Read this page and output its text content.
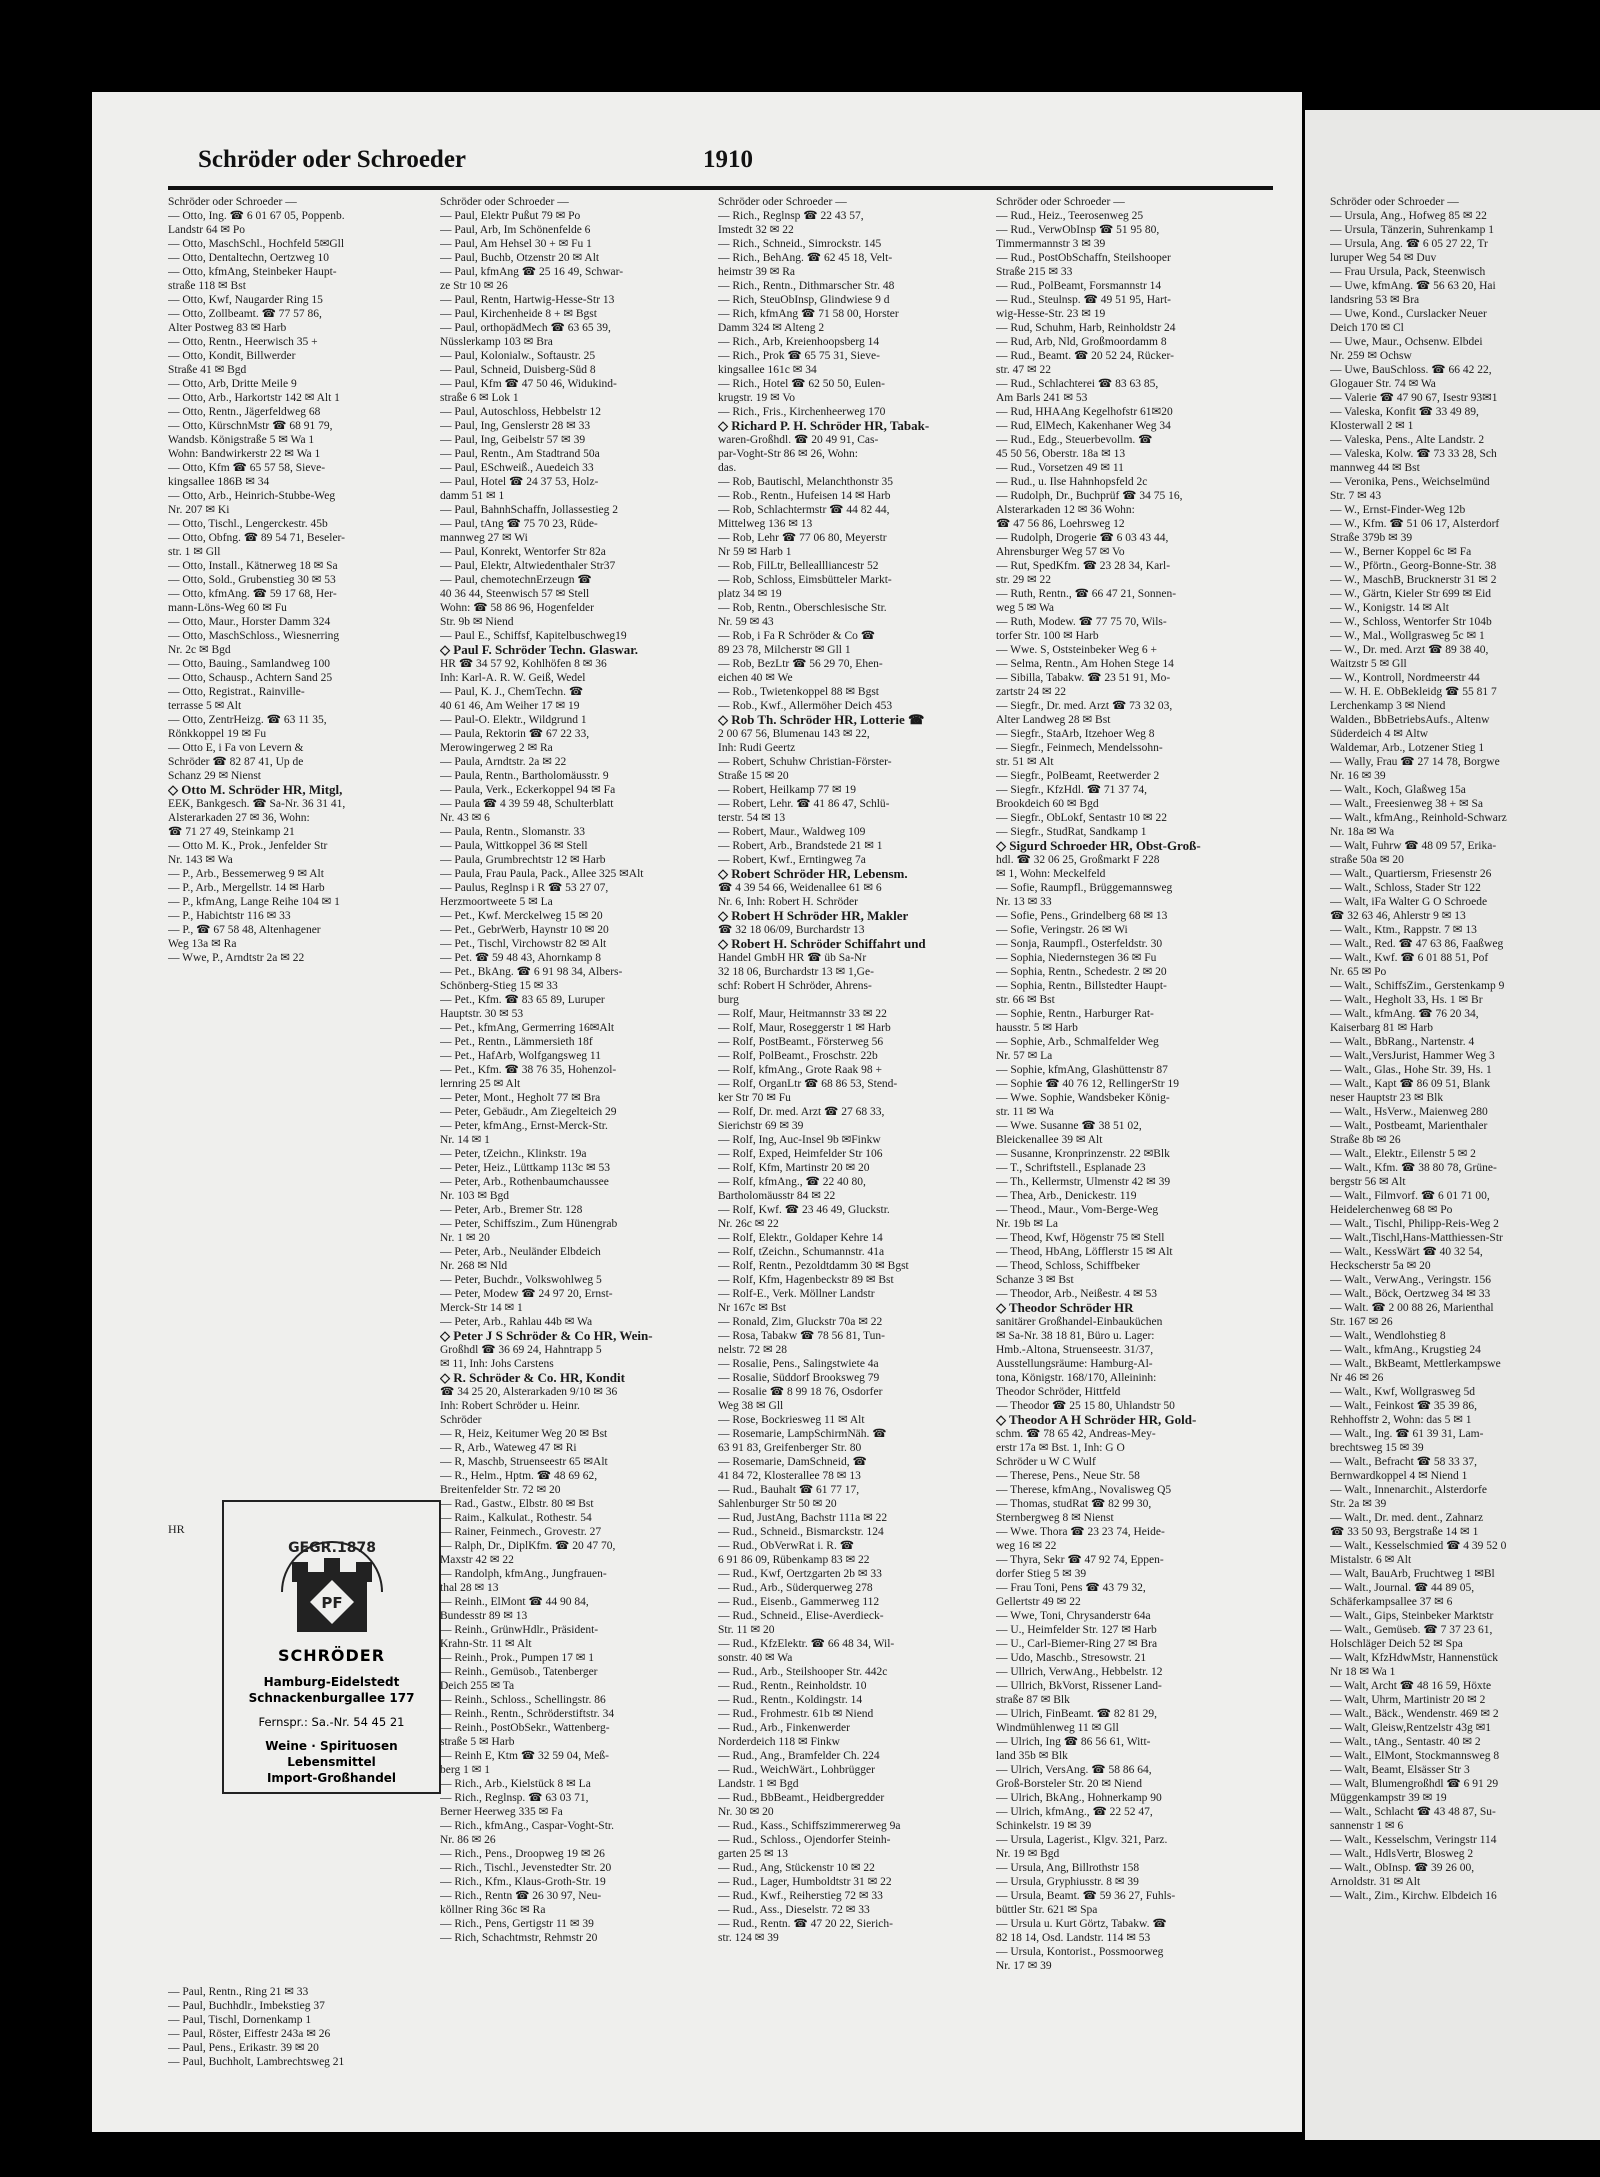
Schröder oder Schroeder	1910
Schröder oder Schroeder —
— Otto, Ing. ☎ 6 01 67 05, Poppenb.
Landstr 64 ✉ Po
— Otto, MaschSchl., Hochfeld 5✉Gll
— Otto, Dentaltechn, Oertzweg 10
— Otto, kfmAng, Steinbeker Haupt-
straße 118 ✉ Bst
— Otto, Kwf, Naugarder Ring 15
— Otto, Zollbeamt. ☎ 77 57 86,
Alter Postweg 83 ✉ Harb
— Otto, Rentn., Heerwisch 35 +
— Otto, Kondit, Billwerder
Straße 41 ✉ Bgd
— Otto, Arb, Dritte Meile 9
— Otto, Arb., Harkortstr 142 ✉ Alt 1
— Otto, Rentn., Jägerfeldweg 68
— Otto, KürschnMstr ☎ 68 91 79,
Wandsb. Königstraße 5 ✉ Wa 1
Wohn: Bandwirkerstr 22 ✉ Wa 1
— Otto, Kfm ☎ 65 57 58, Sieve-
kingsallee 186B ✉ 34
— Otto, Arb., Heinrich-Stubbe-Weg
Nr. 207 ✉ Ki
— Otto, Tischl., Lengerckestr. 45b
— Otto, Obfng. ☎ 89 54 71, Beseler-
str. 1 ✉ Gll
— Otto, Install., Kätnerweg 18 ✉ Sa
— Otto, Sold., Grubenstieg 30 ✉ 53
— Otto, kfmAng. ☎ 59 17 68, Her-
mann-Löns-Weg 60 ✉ Fu
— Otto, Maur., Horster Damm 324
— Otto, MaschSchloss., Wiesnerring
Nr. 2c ✉ Bgd
— Otto, Bauing., Samlandweg 100
— Otto, Schausp., Achtern Sand 25
— Otto, Registrat., Rainville-
terrasse 5 ✉ Alt
— Otto, ZentrHeizg. ☎ 63 11 35,
Rönkkoppel 19 ✉ Fu
— Otto E, i Fa von Levern &
Schröder ☎ 82 87 41, Up de
Schanz 29 ✉ Nienst
◇ Otto M. Schröder HR, Mitgl,
EEK, Bankgesch. ☎ Sa-Nr. 36 31 41,
Alsterarkaden 27 ✉ 36, Wohn:
☎ 71 27 49, Steinkamp 21
— Otto M. K., Prok., Jenfelder Str
Nr. 143 ✉ Wa
— P., Arb., Bessemerweg 9 ✉ Alt
— P., Arb., Mergellstr. 14 ✉ Harb
— P., kfmAng, Lange Reihe 104 ✉ 1
— P., Habichtstr 116 ✉ 33
— P., ☎ 67 58 48, Altenhagener
Weg 13a ✉ Ra
— Wwe, P., Arndtstr 2a ✉ 22
HR
GEGR.1878
PF
SCHRÖDER
Hamburg-Eidelstedt
Schnackenburgallee 177
Fernspr.: Sa.-Nr. 54 45 21
Weine · Spirituosen
Lebensmittel
Import-Großhandel
— Paul, Rentn., Ring 21 ✉ 33
— Paul, Buchhdlr., Imbekstieg 37
— Paul, Tischl, Dornenkamp 1
— Paul, Röster, Eiffestr 243a ✉ 26
— Paul, Pens., Erikastr. 39 ✉ 20
— Paul, Buchholt, Lambrechtsweg 21
Schröder oder Schroeder —
— Paul, Elektr Pußut 79 ✉ Po
— Paul, Arb, Im Schönenfelde 6
— Paul, Am Hehsel 30 + ✉ Fu 1
— Paul, Buchb, Otzenstr 20 ✉ Alt
— Paul, kfmAng ☎ 25 16 49, Schwar-
ze Str 10 ✉ 26
— Paul, Rentn, Hartwig-Hesse-Str 13
— Paul, Kirchenheide 8 + ✉ Bgst
— Paul, orthopädMech ☎ 63 65 39,
Nüsslerkamp 103 ✉ Bra
— Paul, Kolonialw., Softaustr. 25
— Paul, Schneid, Duisberg-Süd 8
— Paul, Kfm ☎ 47 50 46, Widukind-
straße 6 ✉ Lok 1
— Paul, Autoschloss, Hebbelstr 12
— Paul, Ing, Genslerstr 28 ✉ 33
— Paul, Ing, Geibelstr 57 ✉ 39
— Paul, Rentn., Am Stadtrand 50a
— Paul, ESchweiß., Auedeich 33
— Paul, Hotel ☎ 24 37 53, Holz-
damm 51 ✉ 1
— Paul, BahnhSchaffn, Jollassestieg 2
— Paul, tAng ☎ 75 70 23, Rüde-
mannweg 27 ✉ Wi
— Paul, Konrekt, Wentorfer Str 82a
— Paul, Elektr, Altwiedenthaler Str37
— Paul, chemotechnErzeugn ☎
40 36 44, Steenwisch 57 ✉ Stell
Wohn: ☎ 58 86 96, Hogenfelder
Str. 9b ✉ Niend
— Paul E., Schiffsf, Kapitelbuschweg19
◇ Paul F. Schröder Techn. Glaswar.
HR ☎ 34 57 92, Kohlhöfen 8 ✉ 36
Inh: Karl-A. R. W. Geiß, Wedel
— Paul, K. J., ChemTechn. ☎
40 61 46, Am Weiher 17 ✉ 19
— Paul-O. Elektr., Wildgrund 1
— Paula, Rektorin ☎ 67 22 33,
Merowingerweg 2 ✉ Ra
— Paula, Arndtstr. 2a ✉ 22
— Paula, Rentn., Bartholomäusstr. 9
— Paula, Verk., Eckerkoppel 94 ✉ Fa
— Paula ☎ 4 39 59 48, Schulterblatt
Nr. 43 ✉ 6
— Paula, Rentn., Slomanstr. 33
— Paula, Wittkoppel 36 ✉ Stell
— Paula, Grumbrechtstr 12 ✉ Harb
— Paula, Frau Paula, Pack., Allee 325 ✉Alt
— Paulus, Reglnsp i R ☎ 53 27 07,
Herzmoortweete 5 ✉ La
— Pet., Kwf. Merckelweg 15 ✉ 20
— Pet., GebrWerb, Haynstr 10 ✉ 20
— Pet., Tischl, Virchowstr 82 ✉ Alt
— Pet. ☎ 59 48 43, Ahornkamp 8
— Pet., BkAng. ☎ 6 91 98 34, Albers-
Schönberg-Stieg 15 ✉ 33
— Pet., Kfm. ☎ 83 65 89, Luruper
Hauptstr. 30 ✉ 53
— Pet., kfmAng, Germerring 16✉Alt
— Pet., Rentn., Lämmersieth 18f
— Pet., HafArb, Wolfgangsweg 11
— Pet., Kfm. ☎ 38 76 35, Hohenzol-
lernring 25 ✉ Alt
— Peter, Mont., Hegholt 77 ✉ Bra
— Peter, Gebäudr., Am Ziegelteich 29
— Peter, kfmAng., Ernst-Merck-Str.
Nr. 14 ✉ 1
— Peter, tZeichn., Klinkstr. 19a
— Peter, Heiz., Lüttkamp 113c ✉ 53
— Peter, Arb., Rothenbaumchaussee
Nr. 103 ✉ Bgd
— Peter, Arb., Bremer Str. 128
— Peter, Schiffszim., Zum Hünengrab
Nr. 1 ✉ 20
— Peter, Arb., Neuländer Elbdeich
Nr. 268 ✉ Nld
— Peter, Buchdr., Volkswohlweg 5
— Peter, Modew ☎ 24 97 20, Ernst-
Merck-Str 14 ✉ 1
— Peter, Arb., Rahlau 44b ✉ Wa
◇ Peter J S Schröder & Co HR, Wein-
Großhdl ☎ 36 69 24, Hahntrapp 5
✉ 11, Inh: Johs Carstens
◇ R. Schröder & Co. HR, Kondit
☎ 34 25 20, Alsterarkaden 9/10 ✉ 36
Inh: Robert Schröder u. Heinr.
Schröder
— R, Heiz, Keitumer Weg 20 ✉ Bst
— R, Arb., Wateweg 47 ✉ Ri
— R, Maschb, Struenseestr 65 ✉Alt
— R., Helm., Hptm. ☎ 48 69 62,
Breitenfelder Str. 72 ✉ 20
— Rad., Gastw., Elbstr. 80 ✉ Bst
— Raim., Kalkulat., Rothestr. 54
— Rainer, Feinmech., Grovestr. 27
— Ralph, Dr., DiplKfm. ☎ 20 47 70,
Maxstr 42 ✉ 22
— Randolph, kfmAng., Jungfrauen-
thal 28 ✉ 13
— Reinh., ElMont ☎ 44 90 84,
Bundesstr 89 ✉ 13
— Reinh., GrünwHdlr., Präsident-
Krahn-Str. 11 ✉ Alt
— Reinh., Prok., Pumpen 17 ✉ 1
— Reinh., Gemüsob., Tatenberger
Deich 255 ✉ Ta
— Reinh., Schloss., Schellingstr. 86
— Reinh., Rentn., Schröderstiftstr. 34
— Reinh., PostObSekr., Wattenberg-
straße 5 ✉ Harb
— Reinh E, Ktm ☎ 32 59 04, Meß-
berg 1 ✉ 1
— Rich., Arb., Kielstück 8 ✉ La
— Rich., Reglnsp. ☎ 63 03 71,
Berner Heerweg 335 ✉ Fa
— Rich., kfmAng., Caspar-Voght-Str.
Nr. 86 ✉ 26
— Rich., Pens., Droopweg 19 ✉ 26
— Rich., Tischl., Jevenstedter Str. 20
— Rich., Kfm., Klaus-Groth-Str. 19
— Rich., Rentn ☎ 26 30 97, Neu-
köllner Ring 36c ✉ Ra
— Rich., Pens, Gertigstr 11 ✉ 39
— Rich, Schachtmstr, Rehmstr 20
Schröder oder Schroeder —
— Rich., Reglnsp ☎ 22 43 57,
Imstedt 32 ✉ 22
— Rich., Schneid., Simrockstr. 145
— Rich., BehAng. ☎ 62 45 18, Velt-
heimstr 39 ✉ Ra
— Rich., Rentn., Dithmarscher Str. 48
— Rich, SteuObInsp, Glindwiese 9 d
— Rich, kfmAng ☎ 71 58 00, Horster
Damm 324 ✉ Alteng 2
— Rich., Arb, Kreienhoopsberg 14
— Rich., Prok ☎ 65 75 31, Sieve-
kingsallee 161c ✉ 34
— Rich., Hotel ☎ 62 50 50, Eulen-
krugstr. 19 ✉ Vo
— Rich., Fris., Kirchenheerweg 170
◇ Richard P. H. Schröder HR, Tabak-
waren-Großhdl. ☎ 20 49 91, Cas-
par-Voght-Str 86 ✉ 26, Wohn:
das.
— Rob, Bautischl, Melanchthonstr 35
— Rob., Rentn., Hufeisen 14 ✉ Harb
— Rob, Schlachtermstr ☎ 44 82 44,
Mittelweg 136 ✉ 13
— Rob, Lehr ☎ 77 06 80, Meyerstr
Nr 59 ✉ Harb 1
— Rob, FilLtr, Belleallliancestr 52
— Rob, Schloss, Eimsbütteler Markt-
platz 34 ✉ 19
— Rob, Rentn., Oberschlesische Str.
Nr. 59 ✉ 43
— Rob, i Fa R Schröder & Co ☎
89 23 78, Milcherstr ✉ Gll 1
— Rob, BezLtr ☎ 56 29 70, Ehen-
eichen 40 ✉ We
— Rob., Twietenkoppel 88 ✉ Bgst
— Rob., Kwf., Allermöher Deich 453
◇ Rob Th. Schröder HR, Lotterie ☎
2 00 67 56, Blumenau 143 ✉ 22,
Inh: Rudi Geertz
— Robert, Schuhw Christian-Förster-
Straße 15 ✉ 20
— Robert, Heilkamp 77 ✉ 19
— Robert, Lehr. ☎ 41 86 47, Schlü-
terstr. 54 ✉ 13
— Robert, Maur., Waldweg 109
— Robert, Arb., Brandstede 21 ✉ 1
— Robert, Kwf., Erntingweg 7a
◇ Robert Schröder HR, Lebensm.
☎ 4 39 54 66, Weidenallee 61 ✉ 6
Nr. 6, Inh: Robert H. Schröder
◇ Robert H Schröder HR, Makler
☎ 32 18 06/09, Burchardstr 13
◇ Robert H. Schröder Schiffahrt und
Handel GmbH HR ☎ üb Sa-Nr
32 18 06, Burchardstr 13 ✉ 1,Ge-
schf: Robert H Schröder, Ahrens-
burg
— Rolf, Maur, Heitmannstr 33 ✉ 22
— Rolf, Maur, Roseggerstr 1 ✉ Harb
— Rolf, PostBeamt., Försterweg 56
— Rolf, PolBeamt., Froschstr. 22b
— Rolf, kfmAng., Grote Raak 98 +
— Rolf, OrganLtr ☎ 68 86 53, Stend-
ker Str 70 ✉ Fu
— Rolf, Dr. med. Arzt ☎ 27 68 33,
Sierichstr 69 ✉ 39
— Rolf, Ing, Auc-Insel 9b ✉Finkw
— Rolf, Exped, Heimfelder Str 106
— Rolf, Kfm, Martinstr 20 ✉ 20
— Rolf, kfmAng., ☎ 22 40 80,
Bartholomäusstr 84 ✉ 22
— Rolf, Kwf. ☎ 23 46 49, Gluckstr.
Nr. 26c ✉ 22
— Rolf, Elektr., Goldaper Kehre 14
— Rolf, tZeichn., Schumannstr. 41a
— Rolf, Rentn., Pezoldtdamm 30 ✉ Bgst
— Rolf, Kfm, Hagenbeckstr 89 ✉ Bst
— Rolf-E., Verk. Möllner Landstr
Nr 167c ✉ Bst
— Ronald, Zim, Gluckstr 70a ✉ 22
— Rosa, Tabakw ☎ 78 56 81, Tun-
nelstr. 72 ✉ 28
— Rosalie, Pens., Salingstwiete 4a
— Rosalie, Süddorf Brooksweg 79
— Rosalie ☎ 8 99 18 76, Osdorfer
Weg 38 ✉ Gll
— Rose, Bockriesweg 11 ✉ Alt
— Rosemarie, LampSchirmNäh. ☎
63 91 83, Greifenberger Str. 80
— Rosemarie, DamSchneid, ☎
41 84 72, Klosterallee 78 ✉ 13
— Rud., Bauhalt ☎ 61 77 17,
Sahlenburger Str 50 ✉ 20
— Rud, JustAng, Bachstr 111a ✉ 22
— Rud., Schneid., Bismarckstr. 124
— Rud., ObVerwRat i. R. ☎
6 91 86 09, Rübenkamp 83 ✉ 22
— Rud., Kwf, Oertzgarten 2b ✉ 33
— Rud., Arb., Süderquerweg 278
— Rud., Eisenb., Gammerweg 112
— Rud., Schneid., Elise-Averdieck-
Str. 11 ✉ 20
— Rud., KfzElektr. ☎ 66 48 34, Wil-
sonstr. 40 ✉ Wa
— Rud., Arb., Steilshooper Str. 442c
— Rud., Rentn., Reinholdstr. 10
— Rud., Rentn., Koldingstr. 14
— Rud., Frohmestr. 61b ✉ Niend
— Rud., Arb., Finkenwerder
Norderdeich 118 ✉ Finkw
— Rud., Ang., Bramfelder Ch. 224
— Rud., WeichWärt., Lohbrügger
Landstr. 1 ✉ Bgd
— Rud., BbBeamt., Heidbergredder
Nr. 30 ✉ 20
— Rud., Kass., Schiffszimmererweg 9a
— Rud., Schloss., Ojendorfer Steinh-
garten 25 ✉ 13
— Rud., Ang, Stückenstr 10 ✉ 22
— Rud., Lager, Humboldtstr 31 ✉ 22
— Rud., Kwf., Reiherstieg 72 ✉ 33
— Rud., Ass., Dieselstr. 72 ✉ 33
— Rud., Rentn. ☎ 47 20 22, Sierich-
str. 124 ✉ 39
Schröder oder Schroeder —
— Rud., Heiz., Teerosenweg 25
— Rud., VerwObInsp ☎ 51 95 80,
Timmermannstr 3 ✉ 39
— Rud., PostObSchaffn, Steilshooper
Straße 215 ✉ 33
— Rud., PolBeamt, Forsmannstr 14
— Rud., Steulnsp. ☎ 49 51 95, Hart-
wig-Hesse-Str. 23 ✉ 19
— Rud, Schuhm, Harb, Reinholdstr 24
— Rud, Arb, Nld, Großmoordamm 8
— Rud., Beamt. ☎ 20 52 24, Rücker-
str. 47 ✉ 22
— Rud., Schlachterei ☎ 83 63 85,
Am Barls 241 ✉ 53
— Rud, HHAAng Kegelhofstr 61✉20
— Rud, ElMech, Kakenhaner Weg 34
— Rud., Edg., Steuerbevollm. ☎
45 50 56, Oberstr. 18a ✉ 13
— Rud., Vorsetzen 49 ✉ 11
— Rud., u. Ilse Hahnhopsfeld 2c
— Rudolph, Dr., Buchprüf ☎ 34 75 16,
Alsterarkaden 12 ✉ 36 Wohn:
☎ 47 56 86, Loehrsweg 12
— Rudolph, Drogerie ☎ 6 03 43 44,
Ahrensburger Weg 57 ✉ Vo
— Rut, SpedKfm. ☎ 23 28 34, Karl-
str. 29 ✉ 22
— Ruth, Rentn., ☎ 66 47 21, Sonnen-
weg 5 ✉ Wa
— Ruth, Modew. ☎ 77 75 70, Wils-
torfer Str. 100 ✉ Harb
— Wwe. S, Oststeinbeker Weg 6 +
— Selma, Rentn., Am Hohen Stege 14
— Sibilla, Tabakw. ☎ 23 51 91, Mo-
zartstr 24 ✉ 22
— Siegfr., Dr. med. Arzt ☎ 73 32 03,
Alter Landweg 28 ✉ Bst
— Siegfr., StaArb, Itzehoer Weg 8
— Siegfr., Feinmech, Mendelssohn-
str. 51 ✉ Alt
— Siegfr., PolBeamt, Reetwerder 2
— Siegfr., KfzHdl. ☎ 71 37 74,
Brookdeich 60 ✉ Bgd
— Siegfr., ObLokf, Sentastr 10 ✉ 22
— Siegfr., StudRat, Sandkamp 1
◇ Sigurd Schroeder HR, Obst-Groß-
hdl. ☎ 32 06 25, Großmarkt F 228
✉ 1, Wohn: Meckelfeld
— Sofie, Raumpfl., Brüggemannsweg
Nr. 13 ✉ 33
— Sofie, Pens., Grindelberg 68 ✉ 13
— Sofie, Veringstr. 26 ✉ Wi
— Sonja, Raumpfl., Osterfeldstr. 30
— Sophia, Niedernstegen 36 ✉ Fu
— Sophia, Rentn., Schedestr. 2 ✉ 20
— Sophia, Rentn., Billstedter Haupt-
str. 66 ✉ Bst
— Sophie, Rentn., Harburger Rat-
hausstr. 5 ✉ Harb
— Sophie, Arb., Schmalfelder Weg
Nr. 57 ✉ La
— Sophie, kfmAng, Glashüttenstr 87
— Sophie ☎ 40 76 12, RellingerStr 19
— Wwe. Sophie, Wandsbeker König-
str. 11 ✉ Wa
— Wwe. Susanne ☎ 38 51 02,
Bleickenallee 39 ✉ Alt
— Susanne, Kronprinzenstr. 22 ✉Blk
— T., Schriftstell., Esplanade 23
— Th., Kellermstr, Ulmenstr 42 ✉ 39
— Thea, Arb., Denickestr. 119
— Theod., Maur., Vom-Berge-Weg
Nr. 19b ✉ La
— Theod, Kwf, Högenstr 75 ✉ Stell
— Theod, HbAng, Löfflerstr 15 ✉ Alt
— Theod, Schloss, Schiffbeker
Schanze 3 ✉ Bst
— Theodor, Arb., Neißestr. 4 ✉ 53
◇ Theodor Schröder HR
sanitärer Großhandel-Einbauküchen
✉ Sa-Nr. 38 18 81, Büro u. Lager:
Hmb.-Altona, Struenseestr. 31/37,
Ausstellungsräume: Hamburg-Al-
tona, Königstr. 168/170, Alleininh:
Theodor Schröder, Hittfeld
— Theodor ☎ 25 15 80, Uhlandstr 50
◇ Theodor A H Schröder HR, Gold-
schm. ☎ 78 65 42, Andreas-Mey-
erstr 17a ✉ Bst. 1, Inh: G O
Schröder u W C Wulf
— Therese, Pens., Neue Str. 58
— Therese, kfmAng., Novalisweg Q5
— Thomas, studRat ☎ 82 99 30,
Sternbergweg 8 ✉ Nienst
— Wwe. Thora ☎ 23 23 74, Heide-
weg 16 ✉ 22
— Thyra, Sekr ☎ 47 92 74, Eppen-
dorfer Stieg 5 ✉ 39
— Frau Toni, Pens ☎ 43 79 32,
Gellertstr 49 ✉ 22
— Wwe, Toni, Chrysanderstr 64a
— U., Heimfelder Str. 127 ✉ Harb
— U., Carl-Biemer-Ring 27 ✉ Bra
— Udo, Maschb., Stresowstr. 21
— Ullrich, VerwAng., Hebbelstr. 12
— Ullrich, BkVorst, Rissener Land-
straße 87 ✉ Blk
— Ulrich, FinBeamt. ☎ 82 81 29,
Windmühlenweg 11 ✉ Gll
— Ulrich, Ing ☎ 86 56 61, Witt-
land 35b ✉ Blk
— Ulrich, VersAng. ☎ 58 86 64,
Groß-Borsteler Str. 20 ✉ Niend
— Ulrich, BkAng., Hohnerkamp 90
— Ulrich, kfmAng., ☎ 22 52 47,
Schinkelstr. 19 ✉ 39
— Ursula, Lagerist., Klgv. 321, Parz.
Nr. 19 ✉ Bgd
— Ursula, Ang, Billrothstr 158
— Ursula, Gryphiusstr. 8 ✉ 39
— Ursula, Beamt. ☎ 59 36 27, Fuhls-
büttler Str. 621 ✉ Spa
— Ursula u. Kurt Görtz, Tabakw. ☎
82 18 14, Osd. Landstr. 114 ✉ 53
— Ursula, Kontorist., Possmoorweg
Nr. 17 ✉ 39
Schröder oder Schroeder —
— Ursula, Ang., Hofweg 85 ✉ 22
— Ursula, Tänzerin, Suhrenkamp 1
— Ursula, Ang. ☎ 6 05 27 22, Tr
luruper Weg 54 ✉ Duv
— Frau Ursula, Pack, Steenwisch
— Uwe, kfmAng. ☎ 56 63 20, Hai
landsring 53 ✉ Bra
— Uwe, Kond., Curslacker Neuer
Deich 170 ✉ Cl
— Uwe, Maur., Ochsenw. Elbdei
Nr. 259 ✉ Ochsw
— Uwe, BauSchloss. ☎ 66 42 22,
Glogauer Str. 74 ✉ Wa
— Valerie ☎ 47 90 67, Isestr 93✉1
— Valeska, Konfit ☎ 33 49 89,
Klosterwall 2 ✉ 1
— Valeska, Pens., Alte Landstr. 2
— Valeska, Kolw. ☎ 73 33 28, Sch
mannweg 44 ✉ Bst
— Veronika, Pens., Weichselmünd
Str. 7 ✉ 43
— W., Ernst-Finder-Weg 12b
— W., Kfm. ☎ 51 06 17, Alsterdorf
Straße 379b ✉ 39
— W., Berner Koppel 6c ✉ Fa
— W., Pförtn., Georg-Bonne-Str. 38
— W., MaschB, Brucknerstr 31 ✉ 2
— W., Gärtn, Kieler Str 699 ✉ Eid
— W., Konigstr. 14 ✉ Alt
— W., Schloss, Wentorfer Str 104b
— W., Mal., Wollgrasweg 5c ✉ 1
— W., Dr. med. Arzt ☎ 89 38 40,
Waitzstr 5 ✉ Gll
— W., Kontroll, Nordmeerstr 44
— W. H. E. ObBekleidg ☎ 55 81 7
Lerchenkamp 3 ✉ Niend
Walden., BbBetriebsAufs., Altenw
Süderdeich 4 ✉ Altw
Waldemar, Arb., Lotzener Stieg 1
— Wally, Frau ☎ 27 14 78, Borgwe
Nr. 16 ✉ 39
— Walt., Koch, Glaßweg 15a
— Walt., Freesienweg 38 + ✉ Sa
— Walt., kfmAng., Reinhold-Schwarz
Nr. 18a ✉ Wa
— Walt, Fuhrw ☎ 48 09 57, Erika-
straße 50a ✉ 20
— Walt., Quartiersm, Friesenstr 26
— Walt., Schloss, Stader Str 122
— Walt, iFa Walter G O Schroede
☎ 32 63 46, Ahlerstr 9 ✉ 13
— Walt., Ktm., Rappstr. 7 ✉ 13
— Walt., Red. ☎ 47 63 86, Faaßweg
— Walt., Kwf. ☎ 6 01 88 51, Pof
Nr. 65 ✉ Po
— Walt., SchiffsZim., Gerstenkamp 9
— Walt., Hegholt 33, Hs. 1 ✉ Br
— Walt., kfmAng. ☎ 76 20 34,
Kaiserbarg 81 ✉ Harb
— Walt., BbRang., Nartenstr. 4
— Walt.,VersJurist, Hammer Weg 3
— Walt., Glas., Hohe Str. 39, Hs. 1
— Walt., Kapt ☎ 86 09 51, Blank
neser Hauptstr 23 ✉ Blk
— Walt., HsVerw., Maienweg 280
— Walt., Postbeamt, Marienthaler
Straße 8b ✉ 26
— Walt., Elektr., Eilenstr 5 ✉ 2
— Walt., Kfm. ☎ 38 80 78, Grüne-
bergstr 56 ✉ Alt
— Walt., Filmvorf. ☎ 6 01 71 00,
Heidelerchenweg 68 ✉ Po
— Walt., Tischl, Philipp-Reis-Weg 2
— Walt.,Tischl,Hans-Matthiessen-Str
— Walt., KessWärt ☎ 40 32 54,
Heckscherstr 5a ✉ 20
— Walt., VerwAng., Veringstr. 156
— Walt., Böck, Oertzweg 34 ✉ 33
— Walt. ☎ 2 00 88 26, Marienthal
Str. 167 ✉ 26
— Walt., Wendlohstieg 8
— Walt., kfmAng., Krugstieg 24
— Walt., BkBeamt, Mettlerkampswe
Nr 46 ✉ 26
— Walt., Kwf, Wollgrasweg 5d
— Walt., Feinkost ☎ 35 39 86,
Rehhoffstr 2, Wohn: das 5 ✉ 1
— Walt., Ing. ☎ 61 39 31, Lam-
brechtsweg 15 ✉ 39
— Walt., Befracht ☎ 58 33 37,
Bernwardkoppel 4 ✉ Niend 1
— Walt., Innenarchit., Alsterdorfe
Str. 2a ✉ 39
— Walt., Dr. med. dent., Zahnarz
☎ 33 50 93, Bergstraße 14 ✉ 1
— Walt., Kesselschmied ☎ 4 39 52 0
Mistalstr. 6 ✉ Alt
— Walt, BauArb, Fruchtweg 1 ✉Bl
— Walt., Journal. ☎ 44 89 05,
Schäferkampsallee 37 ✉ 6
— Walt., Gips, Steinbeker Marktstr
— Walt., Gemüseb. ☎ 7 37 23 61,
Holschläger Deich 52 ✉ Spa
— Walt, KfzHdwMstr, Hannenstück
Nr 18 ✉ Wa 1
— Walt, Archt ☎ 48 16 59, Höxte
— Walt, Uhrm, Martinistr 20 ✉ 2
— Walt., Bäck., Wendenstr. 469 ✉ 2
— Walt, Gleisw,Rentzelstr 43g ✉1
— Walt., tAng., Sentastr. 40 ✉ 2
— Walt., ElMont, Stockmannsweg 8
— Walt, Beamt, Elsässer Str 3
— Walt, Blumengroßhdl ☎ 6 91 29
Müggenkampstr 39 ✉ 19
— Walt., Schlacht ☎ 43 48 87, Su-
sannenstr 1 ✉ 6
— Walt., Kesselschm, Veringstr 114
— Walt., HdlsVertr, Blosweg 2
— Walt., ObInsp. ☎ 39 26 00,
Arnoldstr. 31 ✉ Alt
— Walt., Zim., Kirchw. Elbdeich 16
